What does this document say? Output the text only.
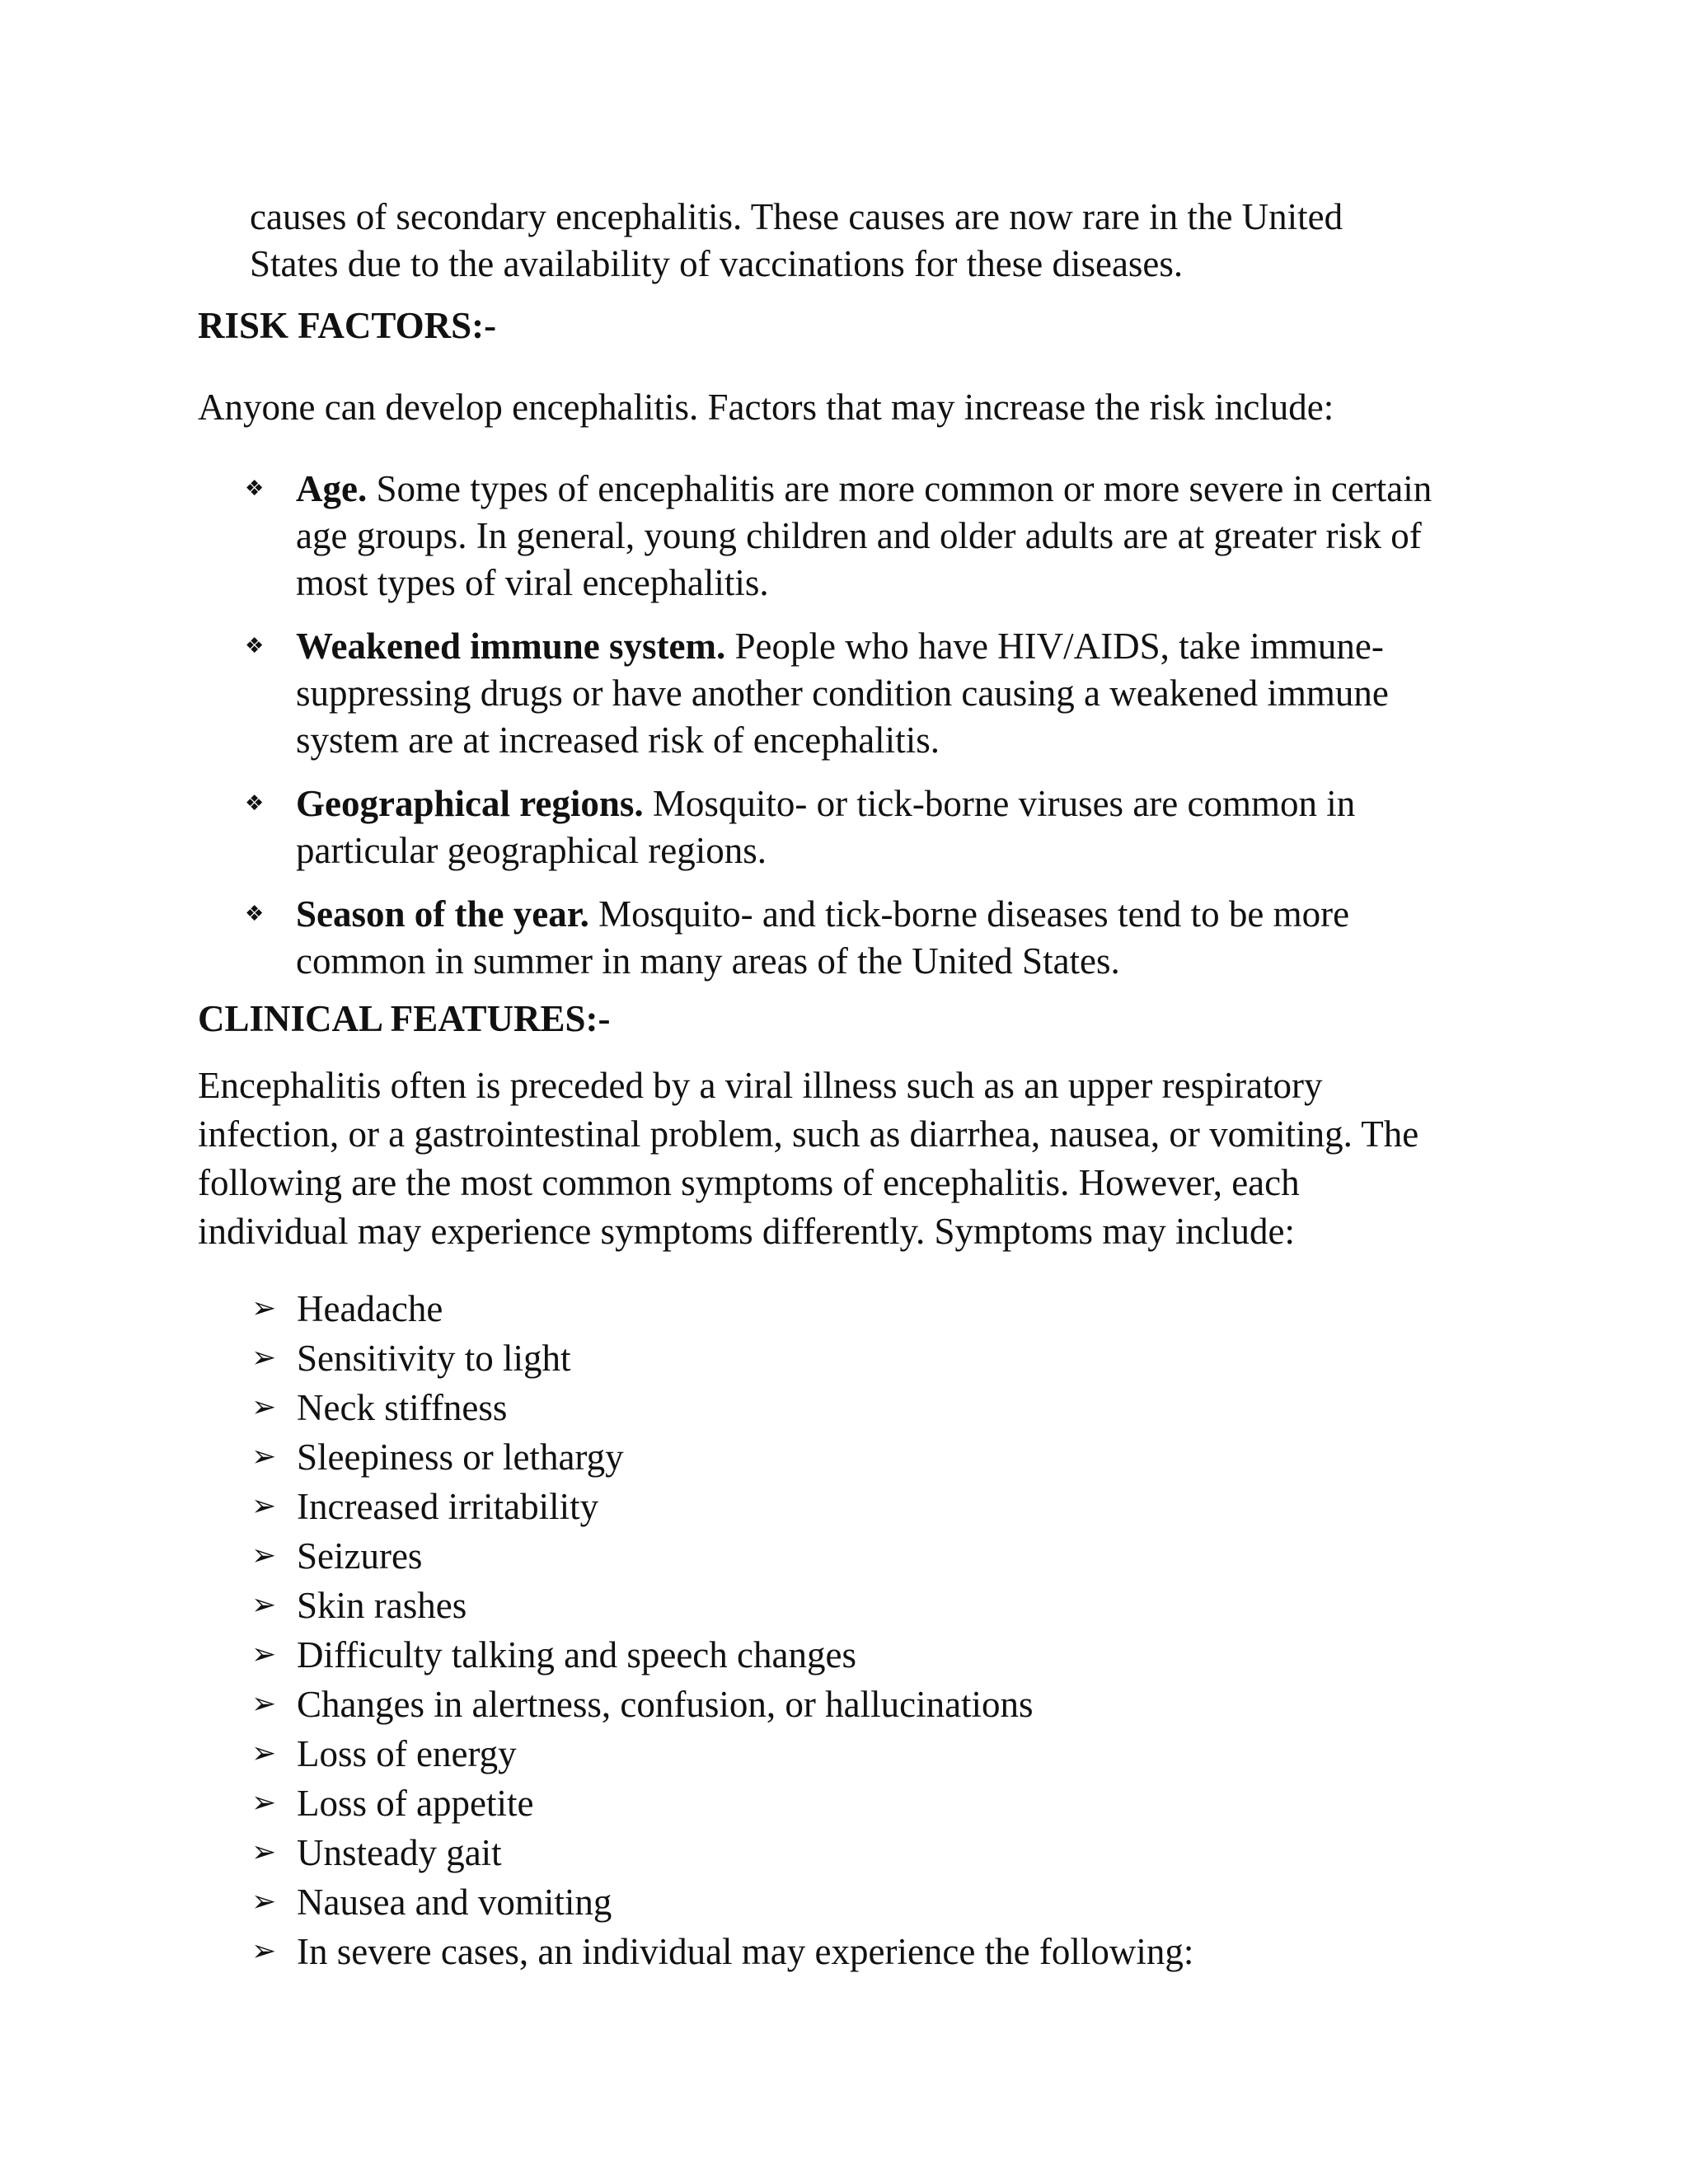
causes of secondary encephalitis. These causes are now rare in the United

States due to the availability of vaccinations for these diseases.

RISK FACTORS:-

Anyone can develop encephalitis. Factors that may increase the risk include:

❖ Age. Some types of encephalitis are more common or more severe in certain age groups. In general, young children and older adults are at greater risk of most types of viral encephalitis.
❖ Weakened immune system. People who have HIV/AIDS, take immune-suppressing drugs or have another condition causing a weakened immune system are at increased risk of encephalitis.
❖ Geographical regions. Mosquito- or tick-borne viruses are common in particular geographical regions.
❖ Season of the year. Mosquito- and tick-borne diseases tend to be more common in summer in many areas of the United States.
CLINICAL FEATURES:-

Encephalitis often is preceded by a viral illness such as an upper respiratory infection, or a gastrointestinal problem, such as diarrhea, nausea, or vomiting. The following are the most common symptoms of encephalitis. However, each individual may experience symptoms differently. Symptoms may include:

➢ Headache
➢ Sensitivity to light
➢ Neck stiffness
➢ Sleepiness or lethargy
➢ Increased irritability
➢ Seizures
➢ Skin rashes
➢ Difficulty talking and speech changes
➢ Changes in alertness, confusion, or hallucinations
➢ Loss of energy
➢ Loss of appetite
➢ Unsteady gait
➢ Nausea and vomiting
➢ In severe cases, an individual may experience the following:
